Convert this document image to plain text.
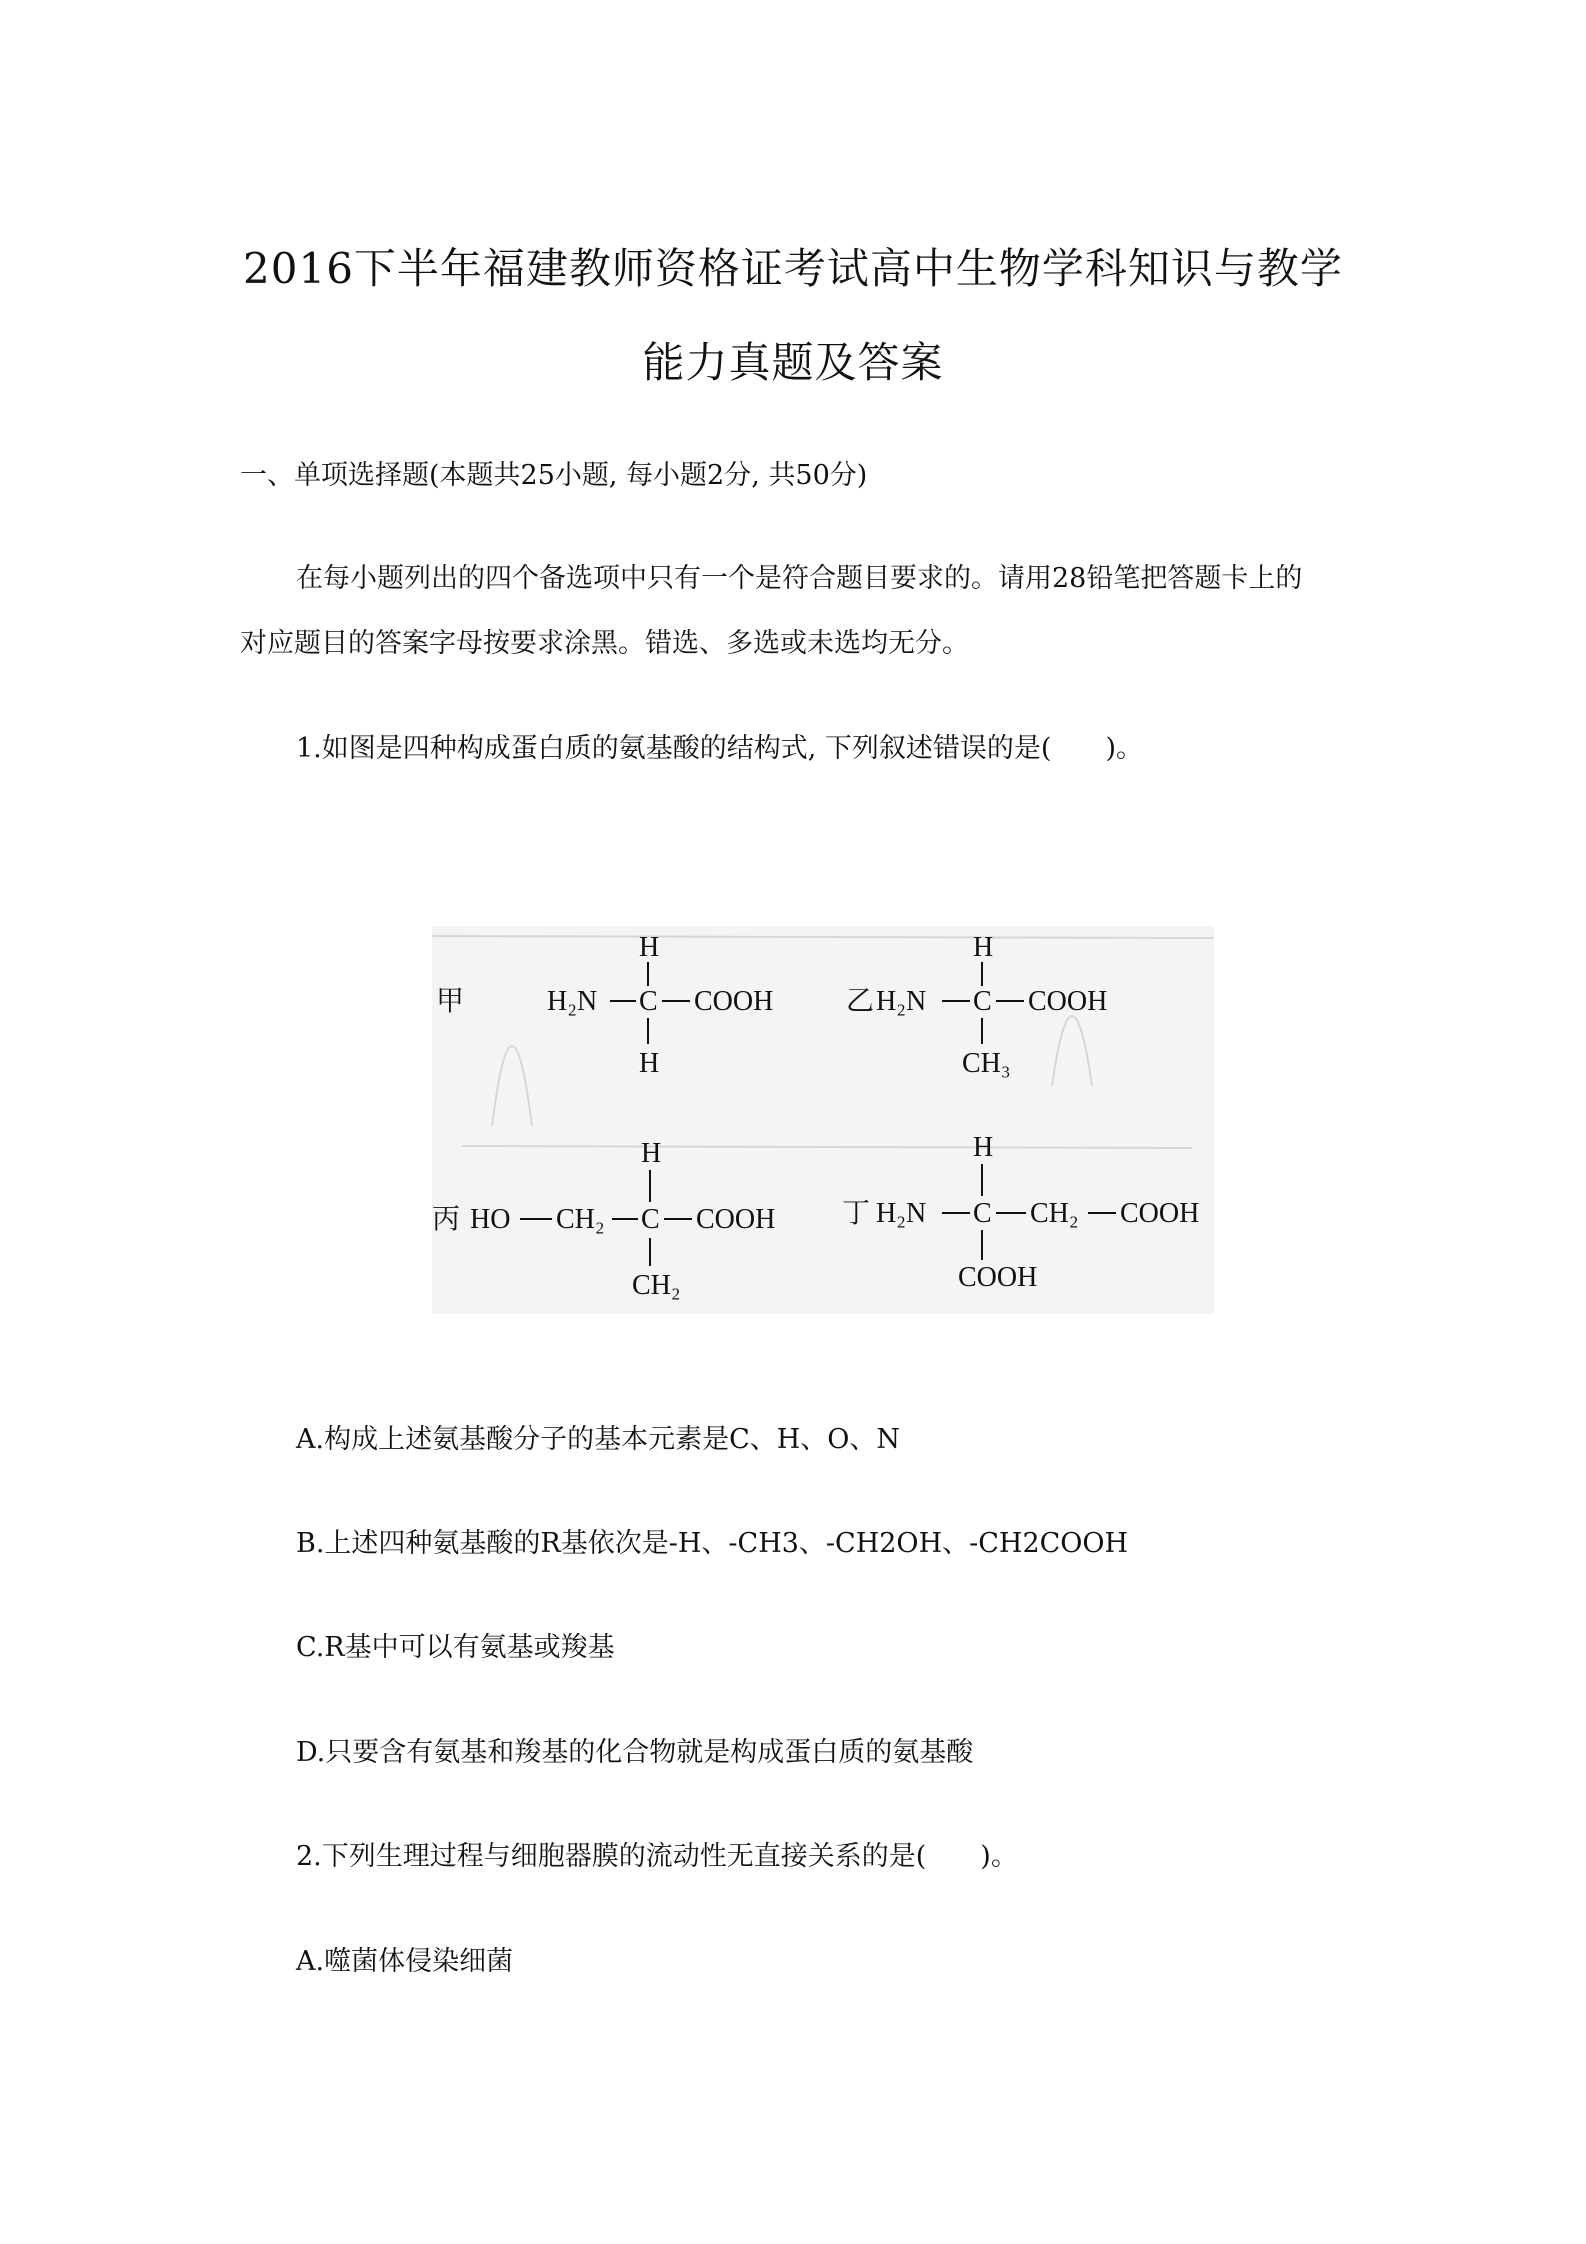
2016下半年福建教师资格证考试高中生物学科知识与教学
能力真题及答案
一、单项选择题(本题共25小题, 每小题2分, 共50分)
在每小题列出的四个备选项中只有一个是符合题目要求的。请用28铅笔把答题卡上的
对应题目的答案字母按要求涂黑。错选、多选或未选均无分。
1.如图是四种构成蛋白质的氨基酸的结构式, 下列叙述错误的是(　　)。
甲
H
H₂N C COOH
H
乙
H
H₂N C COOH
CH₃
丙
H
HO CH₂ C COOH
CH₂
丁
H
H₂N C CH₂ COOH
COOH
A.构成上述氨基酸分子的基本元素是C、H、O、N
B.上述四种氨基酸的R基依次是-H、-CH3、-CH2OH、-CH2COOH
C.R基中可以有氨基或羧基
D.只要含有氨基和羧基的化合物就是构成蛋白质的氨基酸
2.下列生理过程与细胞器膜的流动性无直接关系的是(　　)。
A.噬菌体侵染细菌
